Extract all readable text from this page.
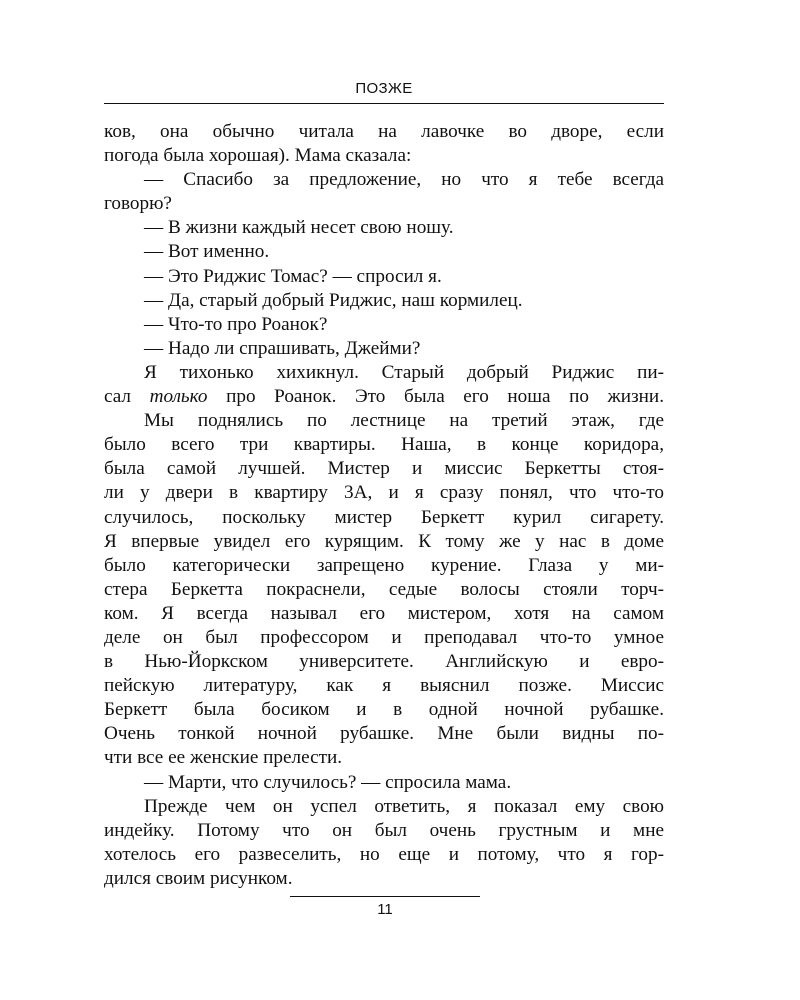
ПОЗЖЕ
ков, она обычно читала на лавочке во дворе, если
погода была хорошая). Мама сказала:
— Спасибо за предложение, но что я тебе всегда
говорю?
— В жизни каждый несет свою ношу.
— Вот именно.
— Это Риджис Томас? — спросил я.
— Да, старый добрый Риджис, наш кормилец.
— Что-то про Роанок?
— Надо ли спрашивать, Джейми?
Я тихонько хихикнул. Старый добрый Риджис пи-
сал только про Роанок. Это была его ноша по жизни.
Мы поднялись по лестнице на третий этаж, где
было всего три квартиры. Наша, в конце коридора,
была самой лучшей. Мистер и миссис Беркетты стоя-
ли у двери в квартиру 3А, и я сразу понял, что что-то
случилось, поскольку мистер Беркетт курил сигарету.
Я впервые увидел его курящим. К тому же у нас в доме
было категорически запрещено курение. Глаза у ми-
стера Беркетта покраснели, седые волосы стояли торч-
ком. Я всегда называл его мистером, хотя на самом
деле он был профессором и преподавал что-то умное
в Нью-Йоркском университете. Английскую и евро-
пейскую литературу, как я выяснил позже. Миссис
Беркетт была босиком и в одной ночной рубашке.
Очень тонкой ночной рубашке. Мне были видны по-
чти все ее женские прелести.
— Марти, что случилось? — спросила мама.
Прежде чем он успел ответить, я показал ему свою
индейку. Потому что он был очень грустным и мне
хотелось его развеселить, но еще и потому, что я гор-
дился своим рисунком.
11
